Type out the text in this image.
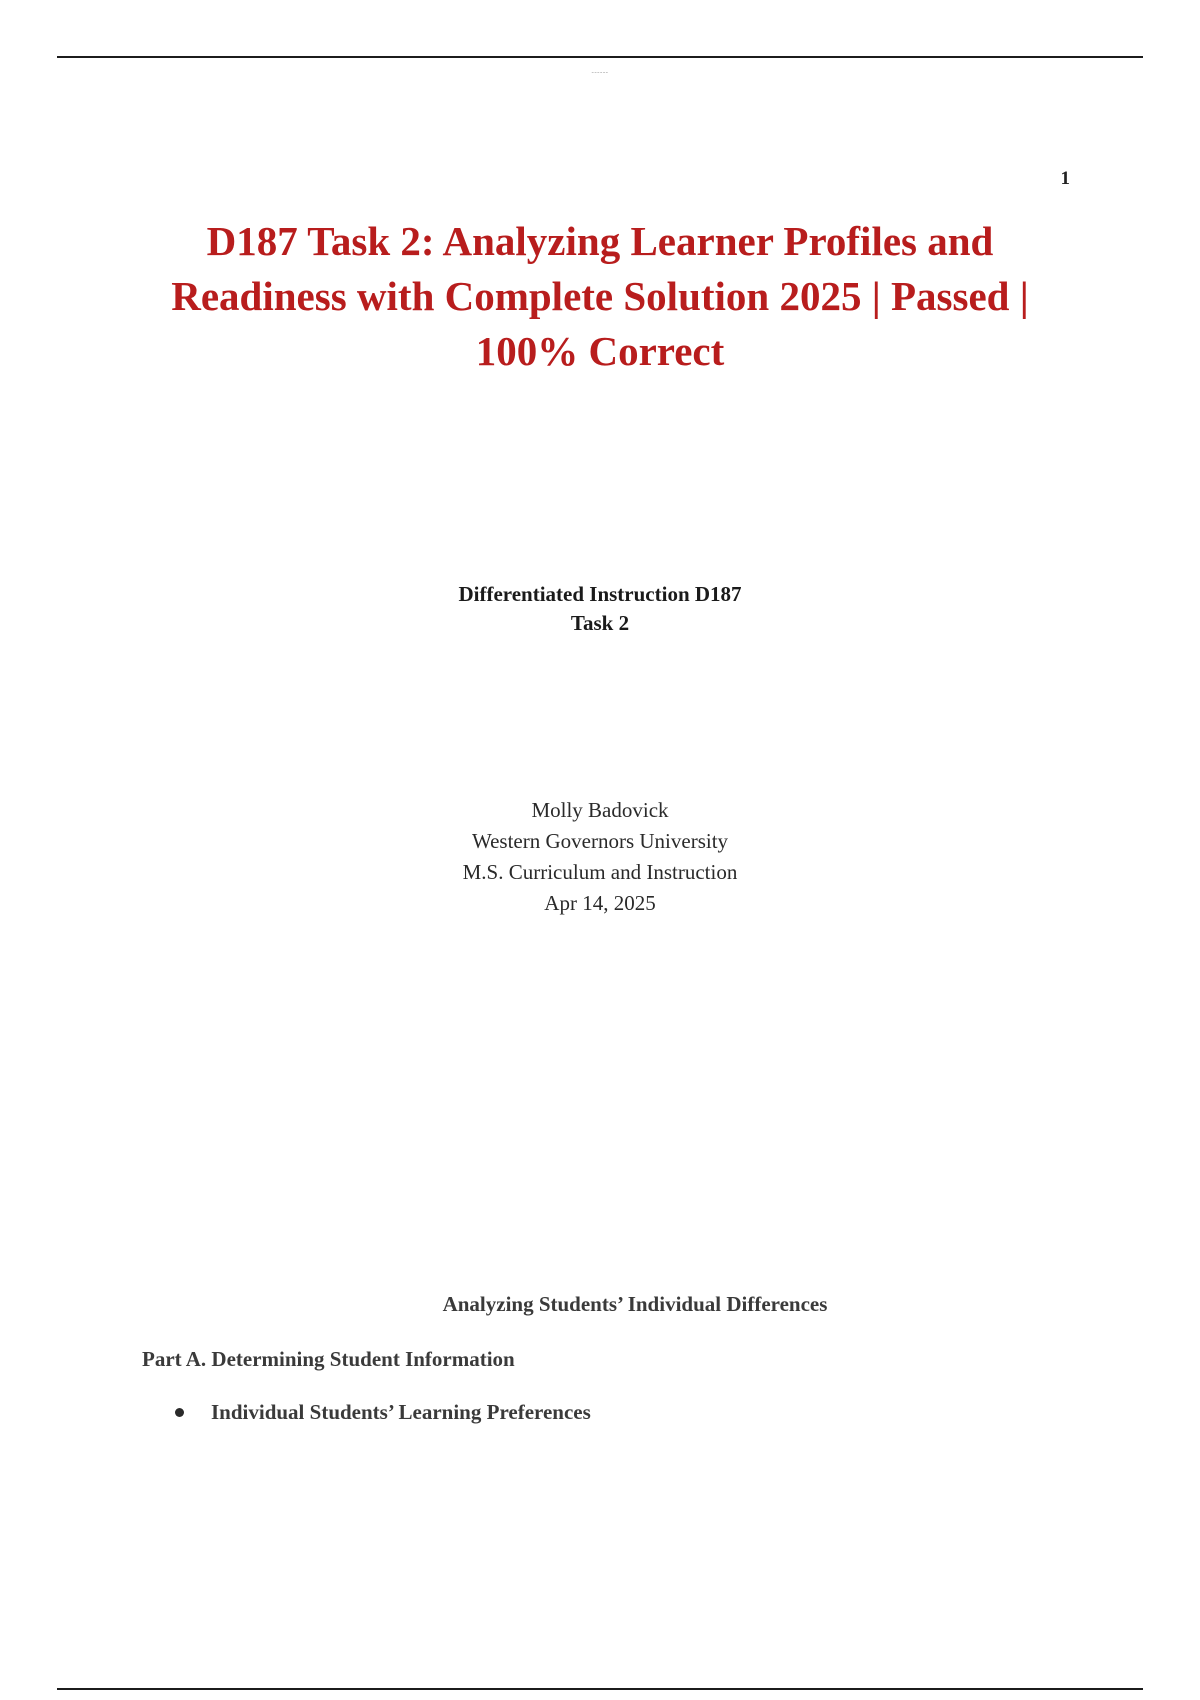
------
1
D187 Task 2: Analyzing Learner Profiles and
Readiness with Complete Solution 2025 | Passed |
100% Correct
Differentiated Instruction D187
Task 2
Molly Badovick
Western Governors University
M.S. Curriculum and Instruction
Apr 14, 2025
Analyzing Students’ Individual Differences
Part A. Determining Student Information
Individual Students’ Learning Preferences
